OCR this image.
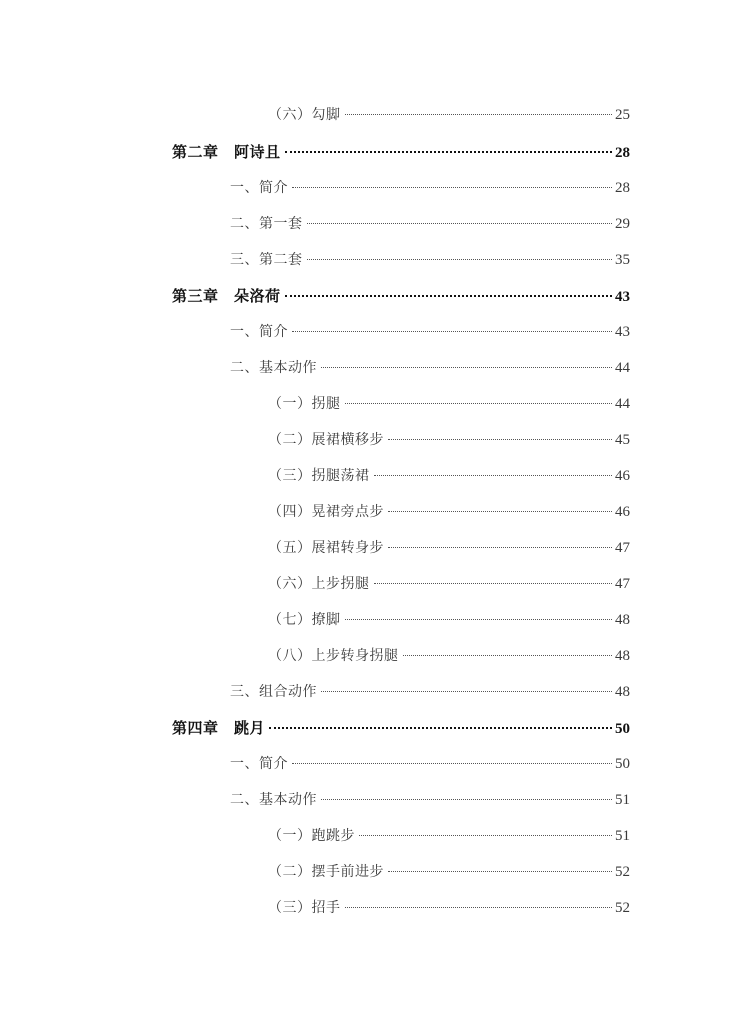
（六）勾脚	25
第二章　阿诗且	28
一、简介	28
二、第一套	29
三、第二套	35
第三章　朵洛荷	43
一、简介	43
二、基本动作	44
（一）拐腿	44
（二）展裙横移步	45
（三）拐腿荡裙	46
（四）晃裙旁点步	46
（五）展裙转身步	47
（六）上步拐腿	47
（七）撩脚	48
（八）上步转身拐腿	48
三、组合动作	48
第四章　跳月	50
一、简介	50
二、基本动作	51
（一）跑跳步	51
（二）摆手前进步	52
（三）招手	52
